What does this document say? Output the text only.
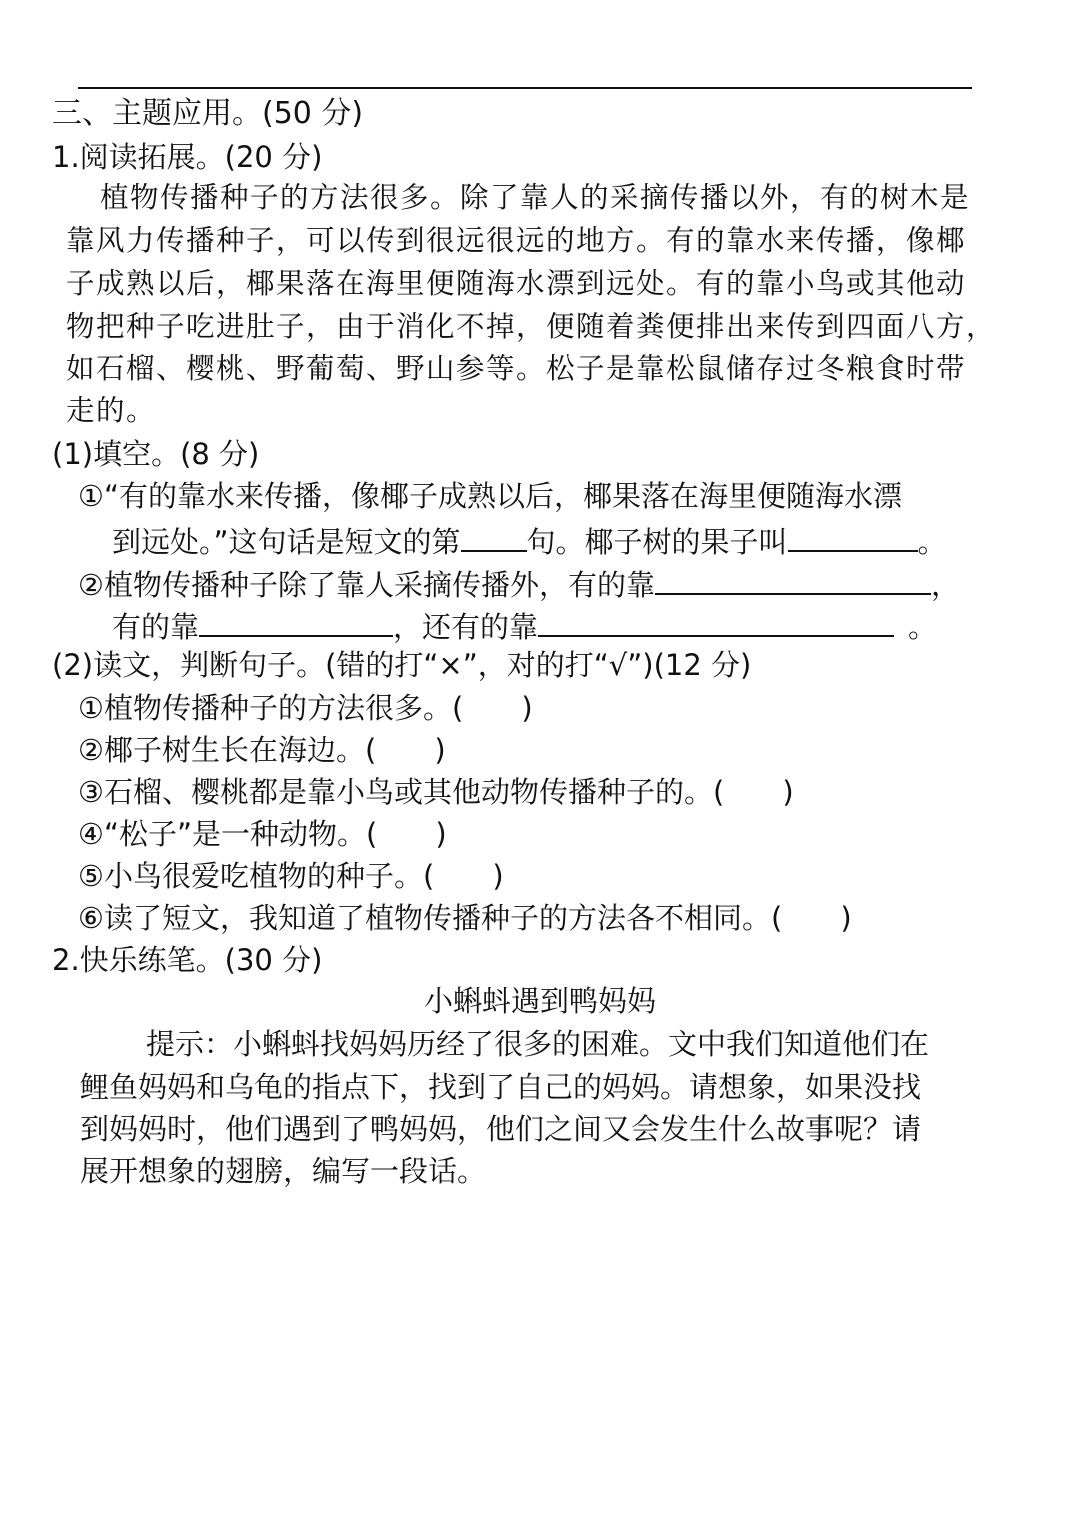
三、主题应用。(50 分)
1.阅读拓展。(20 分)
植物传播种子的方法很多。除了靠人的采摘传播以外，有的树木是
靠风力传播种子，可以传到很远很远的地方。有的靠水来传播，像椰
子成熟以后，椰果落在海里便随海水漂到远处。有的靠小鸟或其他动
物把种子吃进肚子，由于消化不掉，便随着粪便排出来传到四面八方，
如石榴、樱桃、野葡萄、野山参等。松子是靠松鼠储存过冬粮食时带
走的。
(1)填空。(8 分)
①“有的靠水来传播，像椰子成熟以后，椰果落在海里便随海水漂
到远处。”这句话是短文的第 句。椰子树的果子叫	。
②植物传播种子除了靠人采摘传播外，有的靠	，
有的靠	，还有的靠	。
(2)读文，判断句子。(错的打“×”，对的打“√”)(12 分)
①植物传播种子的方法很多。( )
②椰子树生长在海边。( )
③石榴、樱桃都是靠小鸟或其他动物传播种子的。( )
④“松子”是一种动物。( )
⑤小鸟很爱吃植物的种子。( )
⑥读了短文，我知道了植物传播种子的方法各不相同。( )
2.快乐练笔。(30 分)
小蝌蚪遇到鸭妈妈
提示：小蝌蚪找妈妈历经了很多的困难。文中我们知道他们在
鲤鱼妈妈和乌龟的指点下，找到了自己的妈妈。请想象，如果没找
到妈妈时，他们遇到了鸭妈妈，他们之间又会发生什么故事呢？请
展开想象的翅膀，编写一段话。
